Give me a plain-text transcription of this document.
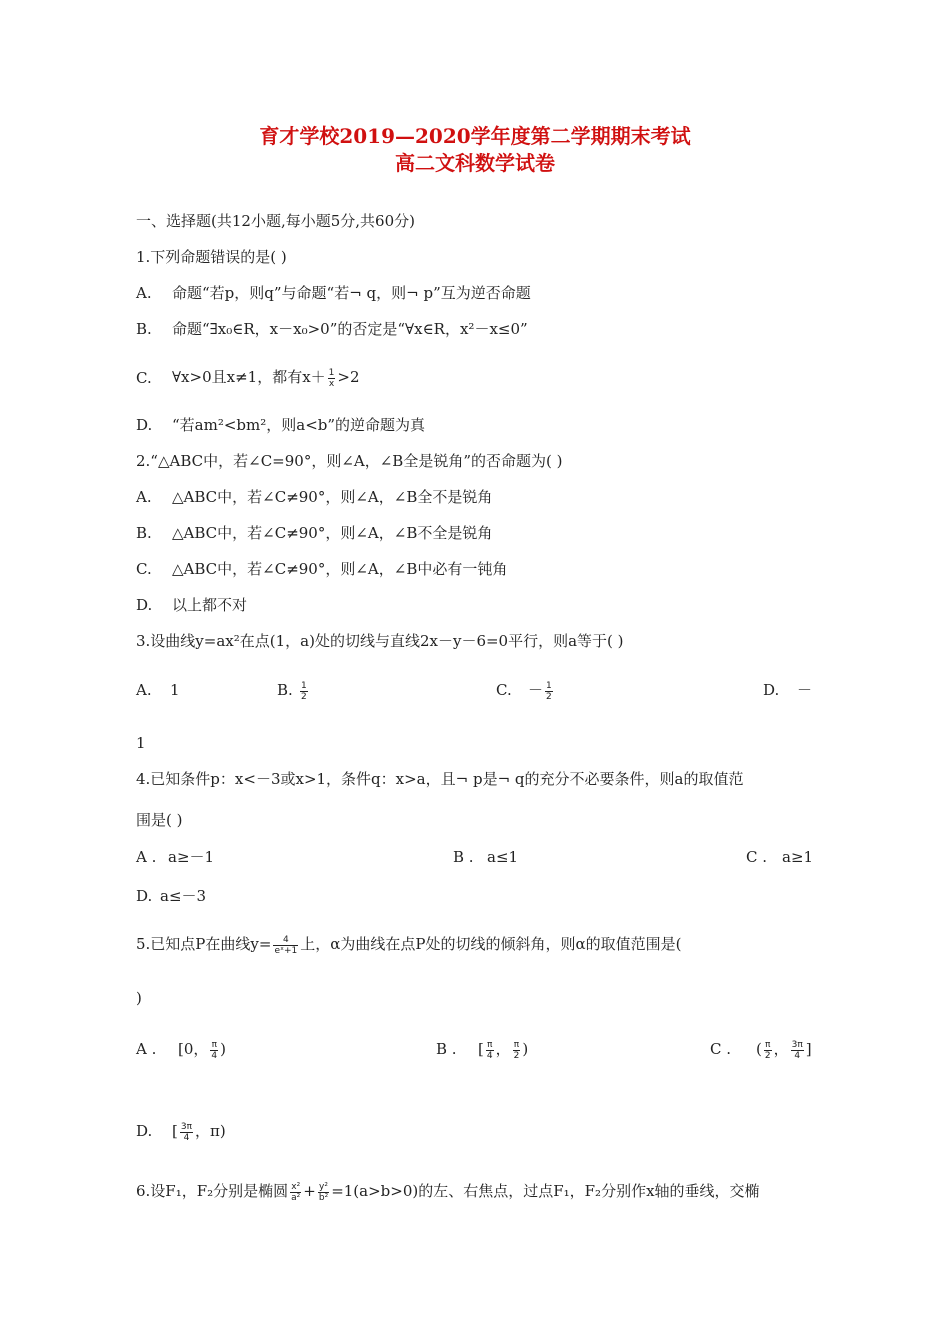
育才学校2019—2020学年度第二学期期末考试
高二文科数学试卷
一、选择题(共12小题,每小题5分,共60分)
1.下列命题错误的是( )
A. 命题“若p，则q”与命题“若¬ q，则¬ p”互为逆否命题
B. 命题“∃x₀∈R，x－x₀>0”的否定是“∀x∈R，x²－x≤0”
C. ∀x>0且x≠1，都有$x+ \frac{1}{x} >2$
D. “若am²<bm²，则a<b”的逆命题为真
2.“△ABC中，若∠C=90°，则∠A，∠B全是锐角”的否命题为( )
A. △ABC中，若∠C≠90°，则∠A，∠B全不是锐角
B. △ABC中，若∠C≠90°，则∠A，∠B不全是锐角
C. △ABC中，若∠C≠90°，则∠A，∠B中必有一钝角
D. 以上都不对
3.设曲线y=ax²在点(1，a)处的切线与直线2x－y－6=0平行，则a等于( )
A. 1	B. $\frac{1}{2}$	C. － $\frac{1}{2}$	D. －
1
4.已知条件p：x<－3或x>1，条件q：x>a，且¬ p是¬ q的充分不必要条件，则a的取值范
围是( )
A . a≥－1	B . a≤1	C . a≥1
D. a≤－3
5.已知点P在曲线$y= \frac{4}{\text{eˣ+1}}$ 上，α为曲线在点P处的切线的倾斜角，则α的取值范围是(
)
A . [0， $\frac{\pi}{4}$ )	B . [ $\frac{\pi}{4}$ ， $\frac{\pi}{2}$ )	C . ( $\frac{\pi}{2}$ ， $\frac{3\pi}{4}$ ]
D. [ $\frac{3\pi}{4}$ ，π)
6.设F₁，F₂分别是椭圆 $\frac{\text{x²}}{\text{a²}} + \frac{\text{y²}}{\text{b²}} =1(a>b>0)$的左、右焦点，过点F₁，F₂分别作x轴的垂线，交椭
